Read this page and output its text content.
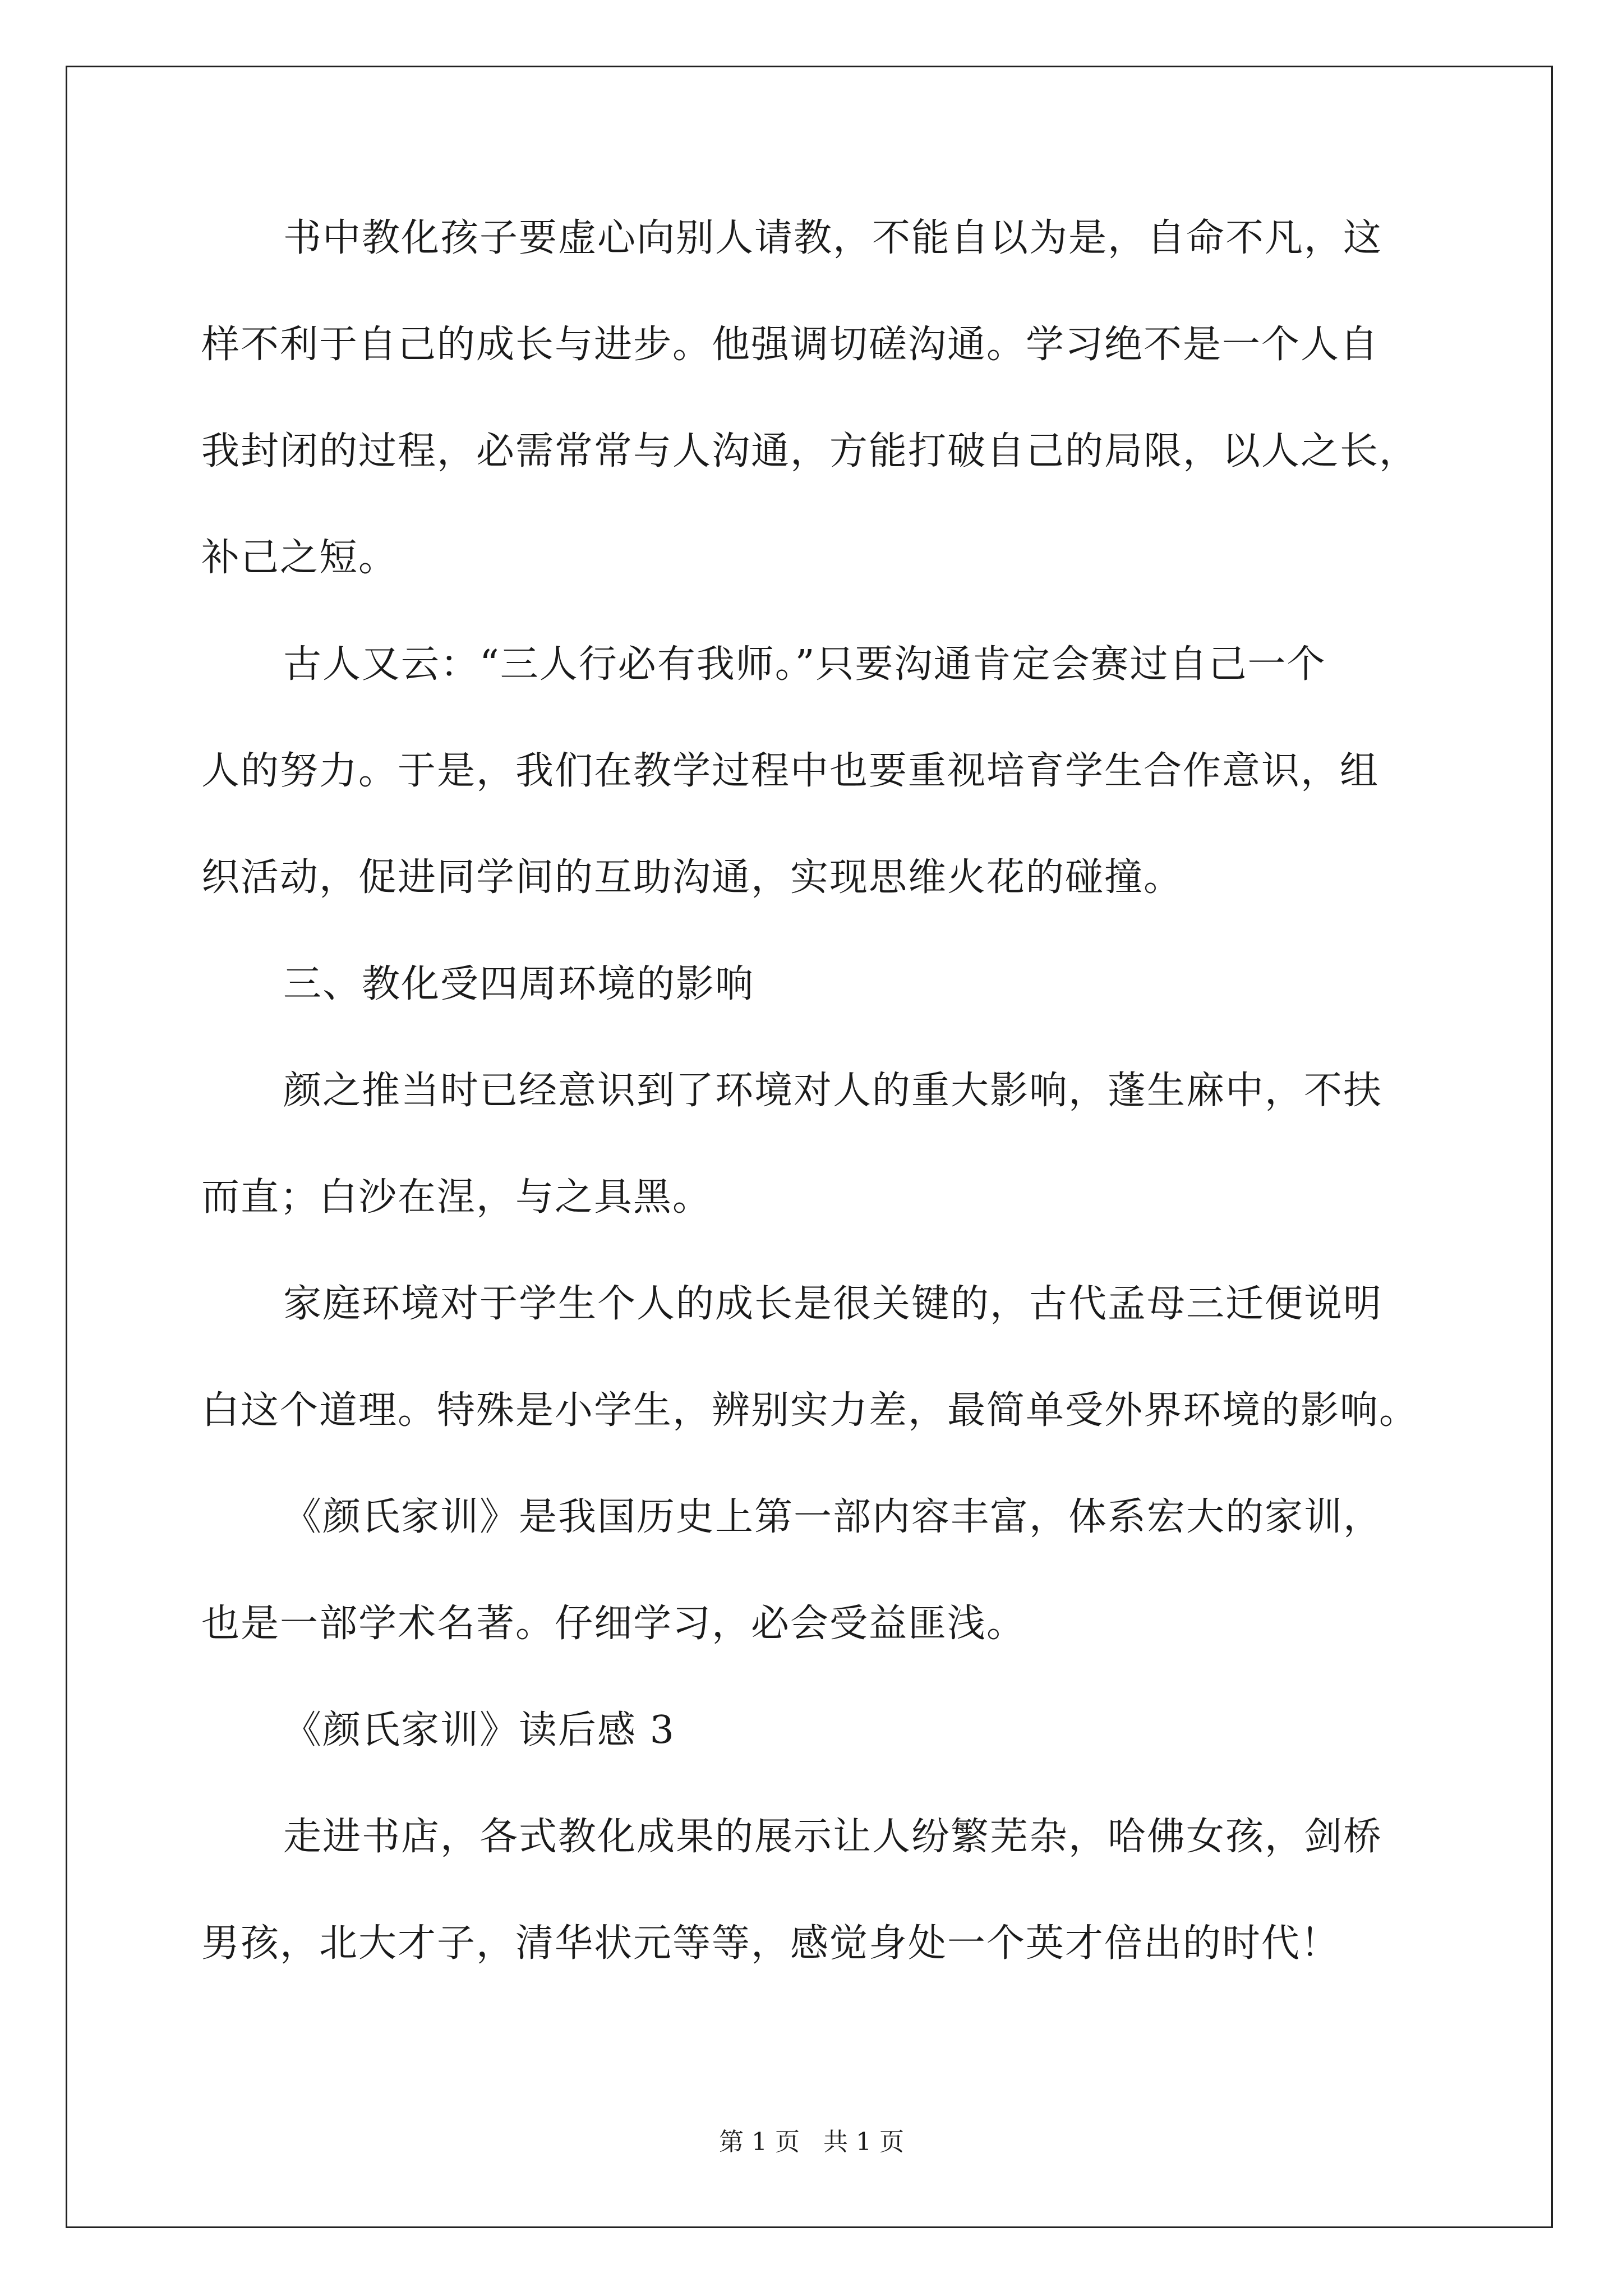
书中教化孩子要虚心向别人请教，不能自以为是，自命不凡，这
样不利于自己的成长与进步。他强调切磋沟通。学习绝不是一个人自
我封闭的过程，必需常常与人沟通，方能打破自己的局限，以人之长，
补己之短。
古人又云：“三人行必有我师。”只要沟通肯定会赛过自己一个
人的努力。于是，我们在教学过程中也要重视培育学生合作意识，组
织活动，促进同学间的互助沟通，实现思维火花的碰撞。
三、教化受四周环境的影响
颜之推当时已经意识到了环境对人的重大影响，蓬生麻中，不扶
而直；白沙在涅，与之具黑。
家庭环境对于学生个人的成长是很关键的，古代孟母三迁便说明
白这个道理。特殊是小学生，辨别实力差，最简单受外界环境的影响。
《颜氏家训》是我国历史上第一部内容丰富，体系宏大的家训，
也是一部学术名著。仔细学习，必会受益匪浅。
《颜氏家训》读后感 3
走进书店，各式教化成果的展示让人纷繁芜杂，哈佛女孩，剑桥
男孩，北大才子，清华状元等等，感觉身处一个英才倍出的时代！
第 1 页   共 1 页
